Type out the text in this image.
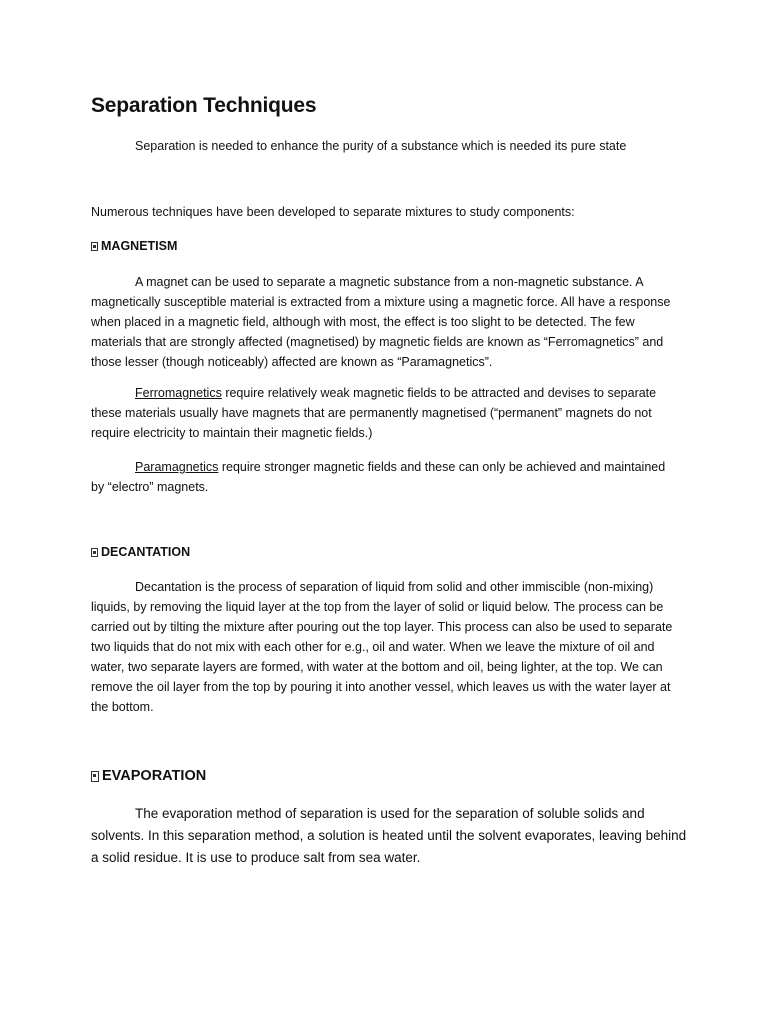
Separation Techniques

Separation is needed to enhance the purity of a substance which is needed its pure state

Numerous techniques have been developed to separate mixtures to study components:

MAGNETISM

A magnet can be used to separate a magnetic substance from a non-magnetic substance. A magnetically susceptible material is extracted from a mixture using a magnetic force. All have a response when placed in a magnetic field, although with most, the effect is too slight to be detected. The few materials that are strongly affected (magnetised) by magnetic fields are known as “Ferromagnetics” and those lesser (though noticeably) affected are known as “Paramagnetics”.

Ferromagnetics require relatively weak magnetic fields to be attracted and devises to separate these materials usually have magnets that are permanently magnetised (“permanent” magnets do not require electricity to maintain their magnetic fields.)

Paramagnetics require stronger magnetic fields and these can only be achieved and maintained by “electro” magnets.

DECANTATION

Decantation is the process of separation of liquid from solid and other immiscible (non-mixing) liquids, by removing the liquid layer at the top from the layer of solid or liquid below. The process can be carried out by tilting the mixture after pouring out the top layer. This process can also be used to separate two liquids that do not mix with each other for e.g., oil and water. When we leave the mixture of oil and water, two separate layers are formed, with water at the bottom and oil, being lighter, at the top. We can remove the oil layer from the top by pouring it into another vessel, which leaves us with the water layer at the bottom.

EVAPORATION

The evaporation method of separation is used for the separation of soluble solids and solvents. In this separation method, a solution is heated until the solvent evaporates, leaving behind a solid residue. It is use to produce salt from sea water.
